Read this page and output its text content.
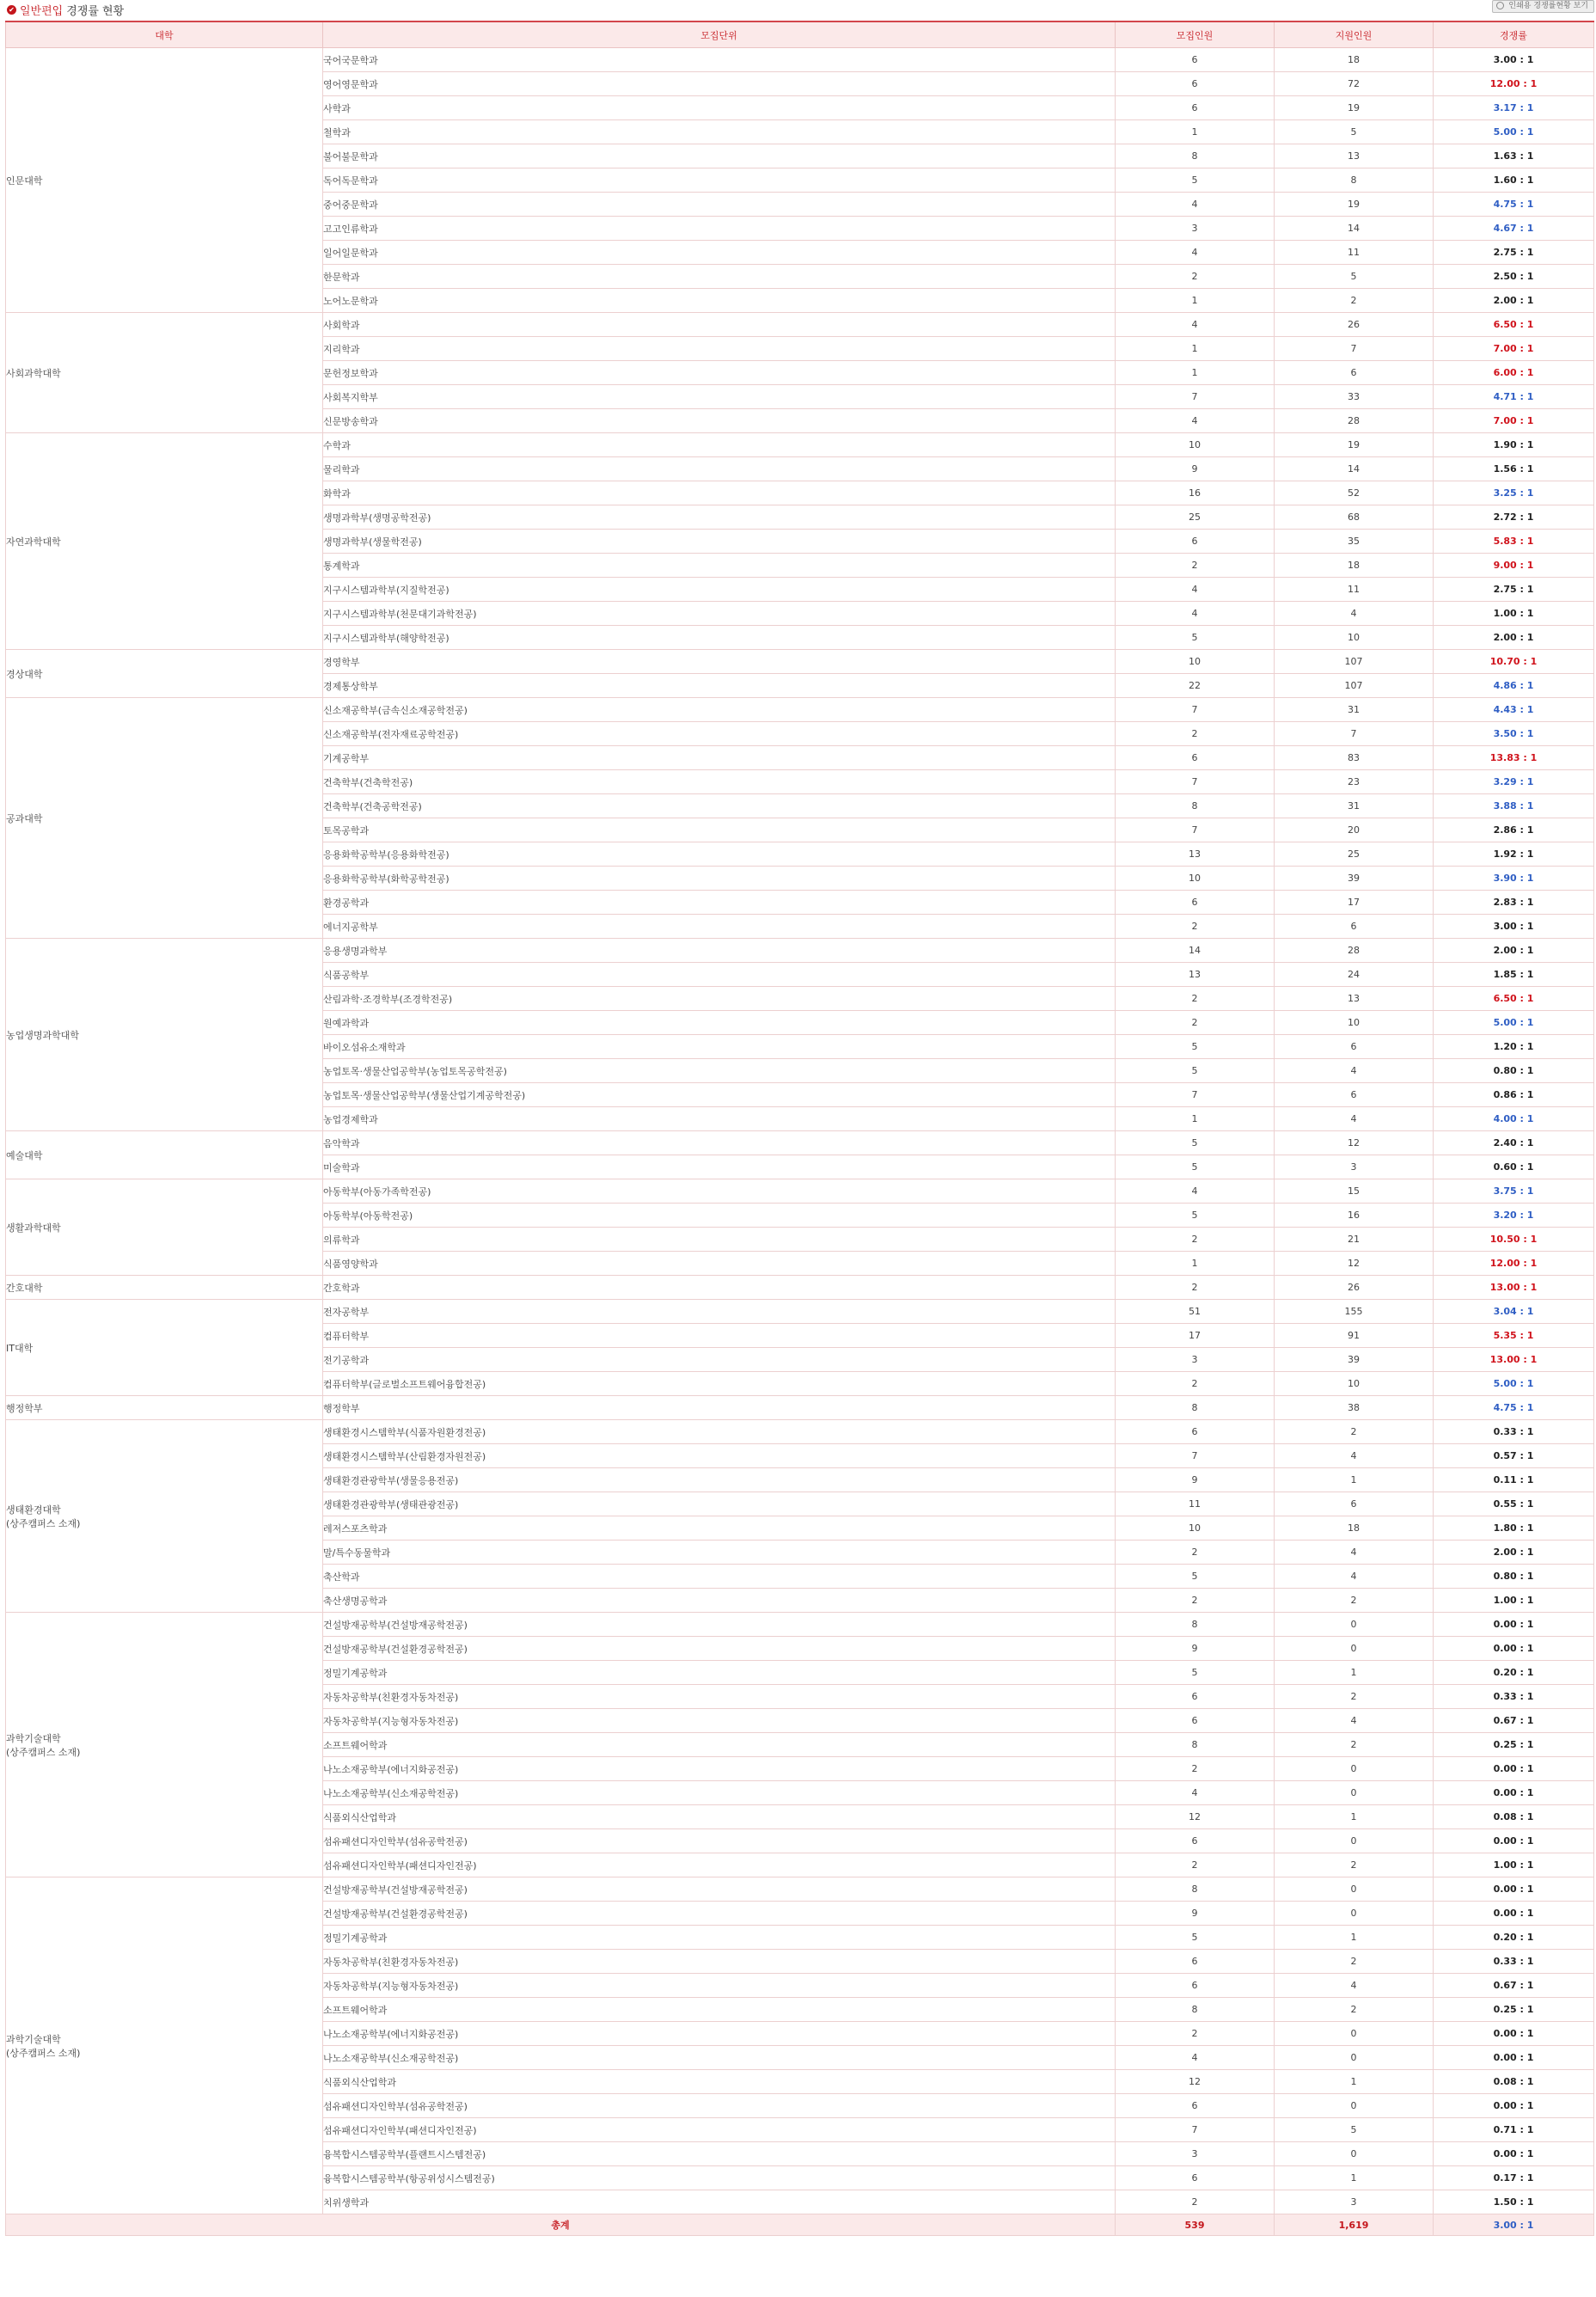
✔ 일반편입 경쟁률 현황	인쇄용 경쟁률현황 보기
대학	모집단위	모집인원	지원인원	경쟁률
인문대학	국어국문학과	6	18	3.00 : 1
	영어영문학과	6	72	12.00 : 1
	사학과	6	19	3.17 : 1
	철학과	1	5	5.00 : 1
	불어불문학과	8	13	1.63 : 1
	독어독문학과	5	8	1.60 : 1
	중어중문학과	4	19	4.75 : 1
	고고인류학과	3	14	4.67 : 1
	일어일문학과	4	11	2.75 : 1
	한문학과	2	5	2.50 : 1
	노어노문학과	1	2	2.00 : 1
사회과학대학	사회학과	4	26	6.50 : 1
	지리학과	1	7	7.00 : 1
	문헌정보학과	1	6	6.00 : 1
	사회복지학부	7	33	4.71 : 1
	신문방송학과	4	28	7.00 : 1
자연과학대학	수학과	10	19	1.90 : 1
	물리학과	9	14	1.56 : 1
	화학과	16	52	3.25 : 1
	생명과학부(생명공학전공)	25	68	2.72 : 1
	생명과학부(생물학전공)	6	35	5.83 : 1
	통계학과	2	18	9.00 : 1
	지구시스템과학부(지질학전공)	4	11	2.75 : 1
	지구시스템과학부(천문대기과학전공)	4	4	1.00 : 1
	지구시스템과학부(해양학전공)	5	10	2.00 : 1
경상대학	경영학부	10	107	10.70 : 1
	경제통상학부	22	107	4.86 : 1
공과대학	신소재공학부(금속신소재공학전공)	7	31	4.43 : 1
	신소재공학부(전자재료공학전공)	2	7	3.50 : 1
	기계공학부	6	83	13.83 : 1
	건축학부(건축학전공)	7	23	3.29 : 1
	건축학부(건축공학전공)	8	31	3.88 : 1
	토목공학과	7	20	2.86 : 1
	응용화학공학부(응용화학전공)	13	25	1.92 : 1
	응용화학공학부(화학공학전공)	10	39	3.90 : 1
	환경공학과	6	17	2.83 : 1
	에너지공학부	2	6	3.00 : 1
농업생명과학대학	응용생명과학부	14	28	2.00 : 1
	식품공학부	13	24	1.85 : 1
	산림과학·조경학부(조경학전공)	2	13	6.50 : 1
	원예과학과	2	10	5.00 : 1
	바이오섬유소재학과	5	6	1.20 : 1
	농업토목·생물산업공학부(농업토목공학전공)	5	4	0.80 : 1
	농업토목·생물산업공학부(생물산업기계공학전공)	7	6	0.86 : 1
	농업경제학과	1	4	4.00 : 1
예술대학	음악학과	5	12	2.40 : 1
	미술학과	5	3	0.60 : 1
생활과학대학	아동학부(아동가족학전공)	4	15	3.75 : 1
	아동학부(아동학전공)	5	16	3.20 : 1
	의류학과	2	21	10.50 : 1
	식품영양학과	1	12	12.00 : 1
간호대학	간호학과	2	26	13.00 : 1
IT대학	전자공학부	51	155	3.04 : 1
	컴퓨터학부	17	91	5.35 : 1
	전기공학과	3	39	13.00 : 1
	컴퓨터학부(글로벌소프트웨어융합전공)	2	10	5.00 : 1
행정학부	행정학부	8	38	4.75 : 1
생태환경대학
(상주캠퍼스 소재)	생태환경시스템학부(식품자원환경전공)	6	2	0.33 : 1
	생태환경시스템학부(산림환경자원전공)	7	4	0.57 : 1
	생태환경관광학부(생물응용전공)	9	1	0.11 : 1
	생태환경관광학부(생태관광전공)	11	6	0.55 : 1
	레저스포츠학과	10	18	1.80 : 1
	말/특수동물학과	2	4	2.00 : 1
	축산학과	5	4	0.80 : 1
	축산생명공학과	2	2	1.00 : 1
과학기술대학
(상주캠퍼스 소재)	건설방재공학부(건설방재공학전공)	8	0	0.00 : 1
	건설방재공학부(건설환경공학전공)	9	0	0.00 : 1
	정밀기계공학과	5	1	0.20 : 1
	자동차공학부(친환경자동차전공)	6	2	0.33 : 1
	자동차공학부(지능형자동차전공)	6	4	0.67 : 1
	소프트웨어학과	8	2	0.25 : 1
	나노소재공학부(에너지화공전공)	2	0	0.00 : 1
	나노소재공학부(신소재공학전공)	4	0	0.00 : 1
	식품외식산업학과	12	1	0.08 : 1
	섬유패션디자인학부(섬유공학전공)	6	0	0.00 : 1
	섬유패션디자인학부(패션디자인전공)	2	2	1.00 : 1
과학기술대학
(상주캠퍼스 소재)	건설방재공학부(건설방재공학전공)	8	0	0.00 : 1
	건설방재공학부(건설환경공학전공)	9	0	0.00 : 1
	정밀기계공학과	5	1	0.20 : 1
	자동차공학부(친환경자동차전공)	6	2	0.33 : 1
	자동차공학부(지능형자동차전공)	6	4	0.67 : 1
	소프트웨어학과	8	2	0.25 : 1
	나노소재공학부(에너지화공전공)	2	0	0.00 : 1
	나노소재공학부(신소재공학전공)	4	0	0.00 : 1
	식품외식산업학과	12	1	0.08 : 1
	섬유패션디자인학부(섬유공학전공)	6	0	0.00 : 1
	섬유패션디자인학부(패션디자인전공)	7	5	0.71 : 1
	융복합시스템공학부(플랜트시스템전공)	3	0	0.00 : 1
	융복합시스템공학부(항공위성시스템전공)	6	1	0.17 : 1
	치위생학과	2	3	1.50 : 1
총계		539	1,619	3.00 : 1
